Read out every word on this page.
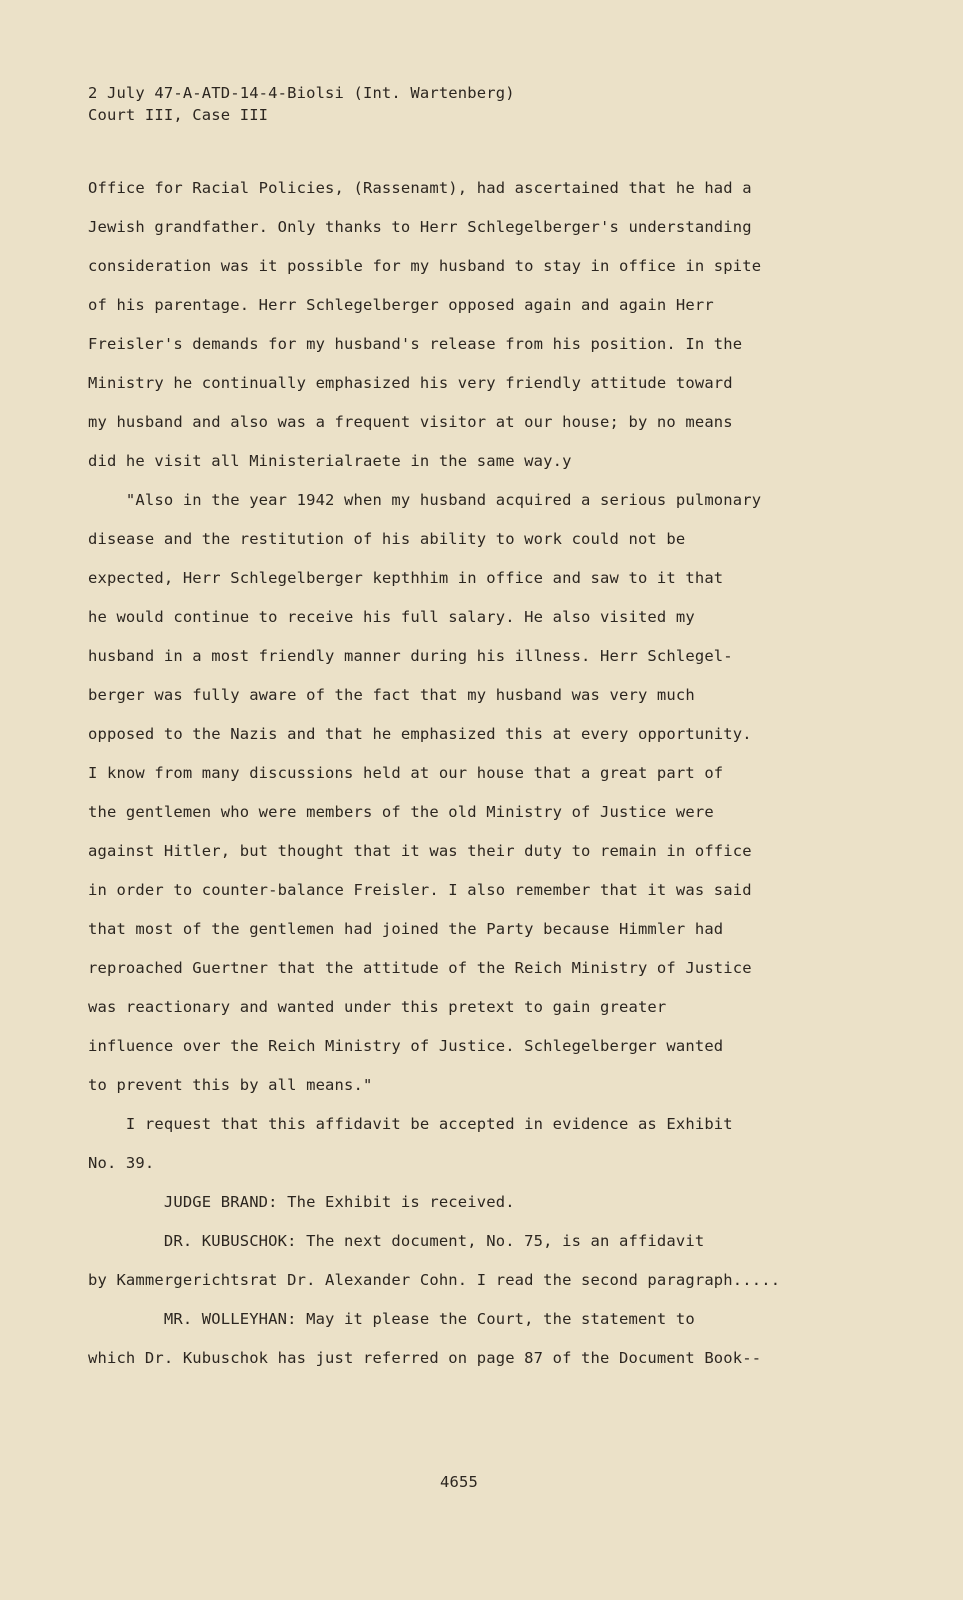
2 July 47-A-ATD-14-4-Biolsi (Int. Wartenberg)
Court III, Case III
Office for Racial Policies, (Rassenamt), had ascertained that he had a
Jewish grandfather. Only thanks to Herr Schlegelberger's understanding
consideration was it possible for my husband to stay in office in spite
of his parentage. Herr Schlegelberger opposed again and again Herr
Freisler's demands for my husband's release from his position. In the
Ministry he continually emphasized his very friendly attitude toward
my husband and also was a frequent visitor at our house; by no means
did he visit all Ministerialraete in the same way.y
"Also in the year 1942 when my husband acquired a serious pulmonary
disease and the restitution of his ability to work could not be
expected, Herr Schlegelberger kepthhim in office and saw to it that
he would continue to receive his full salary. He also visited my
husband in a most friendly manner during his illness. Herr Schlegel-
berger was fully aware of the fact that my husband was very much
opposed to the Nazis and that he emphasized this at every opportunity.
I know from many discussions held at our house that a great part of
the gentlemen who were members of the old Ministry of Justice were
against Hitler, but thought that it was their duty to remain in office
in order to counter-balance Freisler. I also remember that it was said
that most of the gentlemen had joined the Party because Himmler had
reproached Guertner that the attitude of the Reich Ministry of Justice
was reactionary and wanted under this pretext to gain greater
influence over the Reich Ministry of Justice. Schlegelberger wanted
to prevent this by all means."
I request that this affidavit be accepted in evidence as Exhibit
No. 39.
JUDGE BRAND: The Exhibit is received.
DR. KUBUSCHOK: The next document, No. 75, is an affidavit
by Kammergerichtsrat Dr. Alexander Cohn. I read the second paragraph.....
MR. WOLLEYHAN: May it please the Court, the statement to
which Dr. Kubuschok has just referred on page 87 of the Document Book--
4655
